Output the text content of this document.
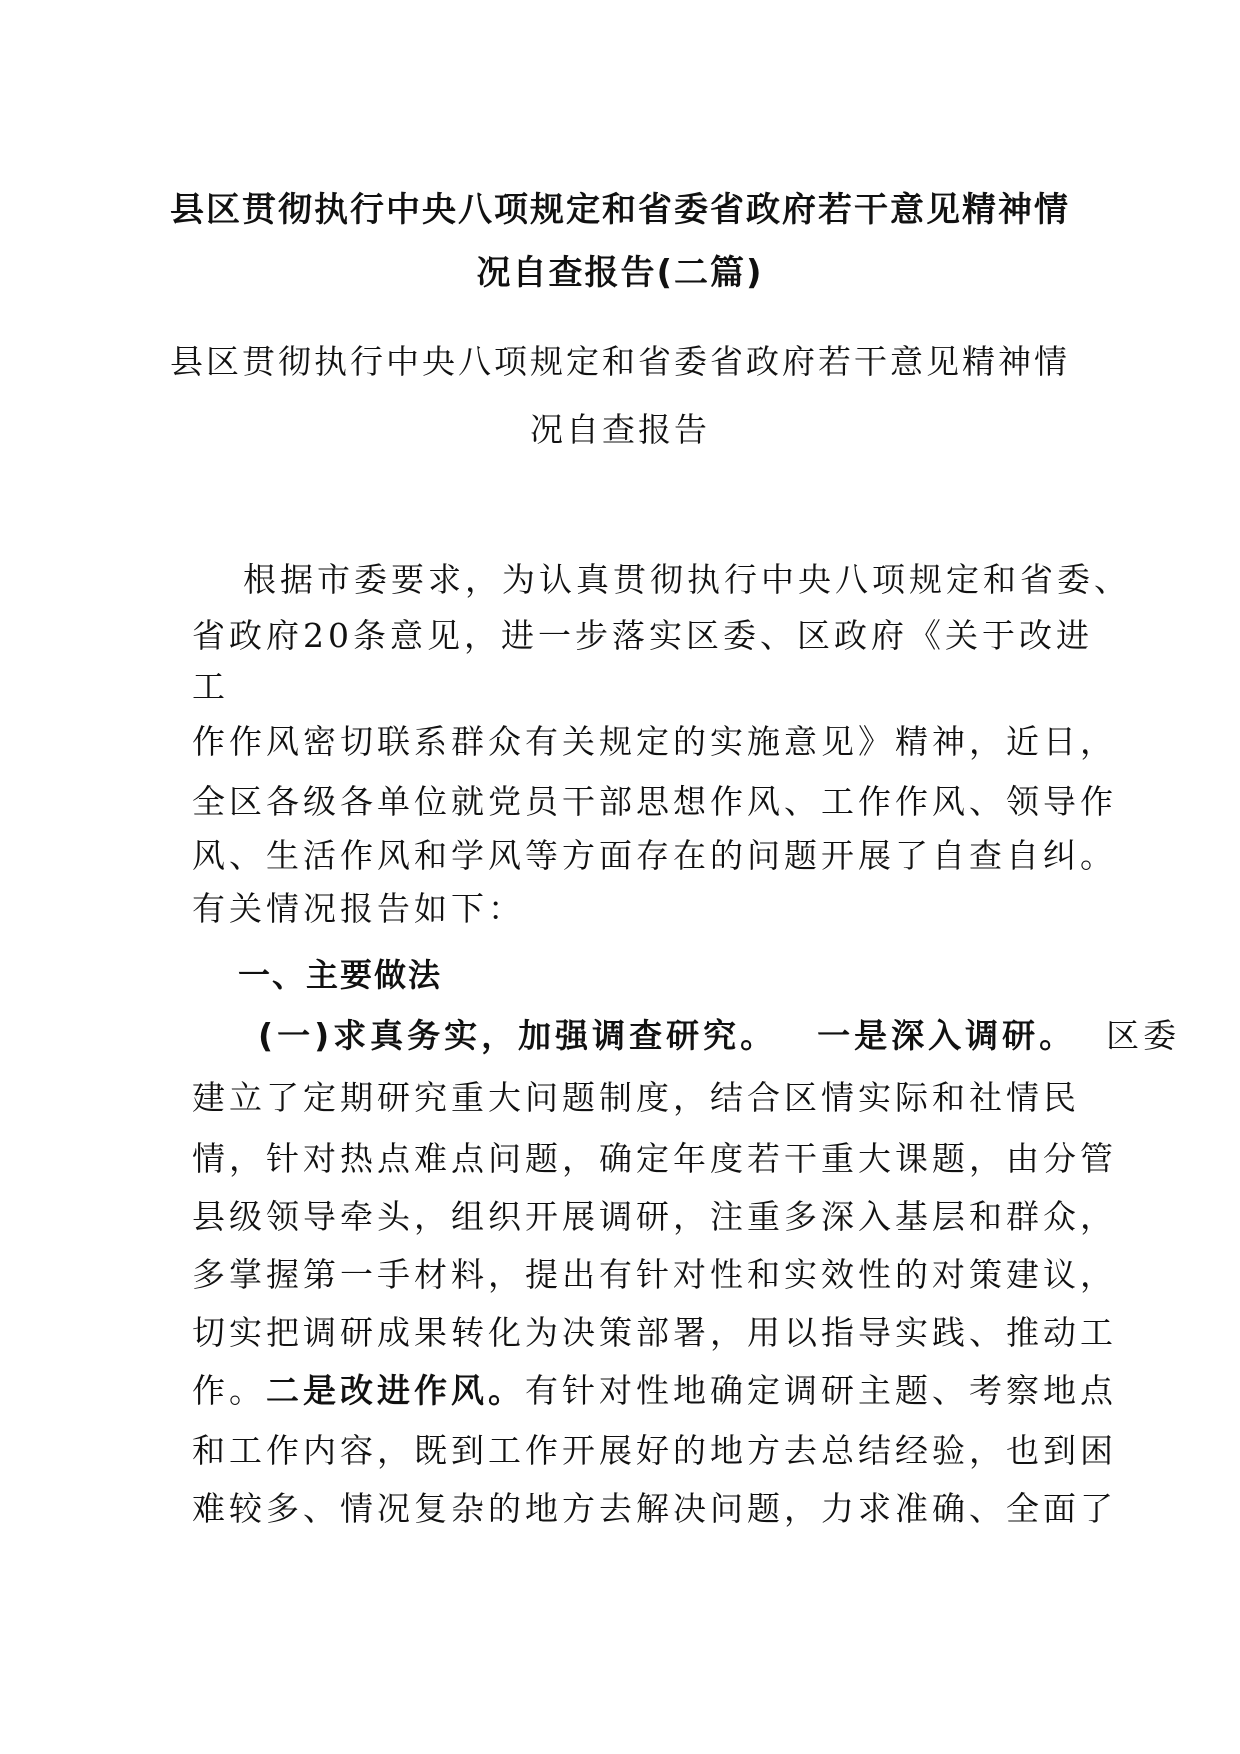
县区贯彻执行中央八项规定和省委省政府若干意见精神情
况自查报告(二篇)
县区贯彻执行中央八项规定和省委省政府若干意见精神情
况自查报告
根据市委要求，为认真贯彻执行中央八项规定和省委、
省政府20条意见，进一步落实区委、区政府《关于改进
工
作作风密切联系群众有关规定的实施意见》精神，近日，
全区各级各单位就党员干部思想作风、工作作风、领导作
风、生活作风和学风等方面存在的问题开展了自查自纠。
有关情况报告如下：
一、主要做法
(一)求真务实，加强调查研究。 一是深入调研。 区委
建立了定期研究重大问题制度，结合区情实际和社情民
情，针对热点难点问题，确定年度若干重大课题，由分管
县级领导牵头，组织开展调研，注重多深入基层和群众，
多掌握第一手材料，提出有针对性和实效性的对策建议，
切实把调研成果转化为决策部署，用以指导实践、推动工
作。二是改进作风。有针对性地确定调研主题、考察地点
和工作内容，既到工作开展好的地方去总结经验，也到困
难较多、情况复杂的地方去解决问题，力求准确、全面了
